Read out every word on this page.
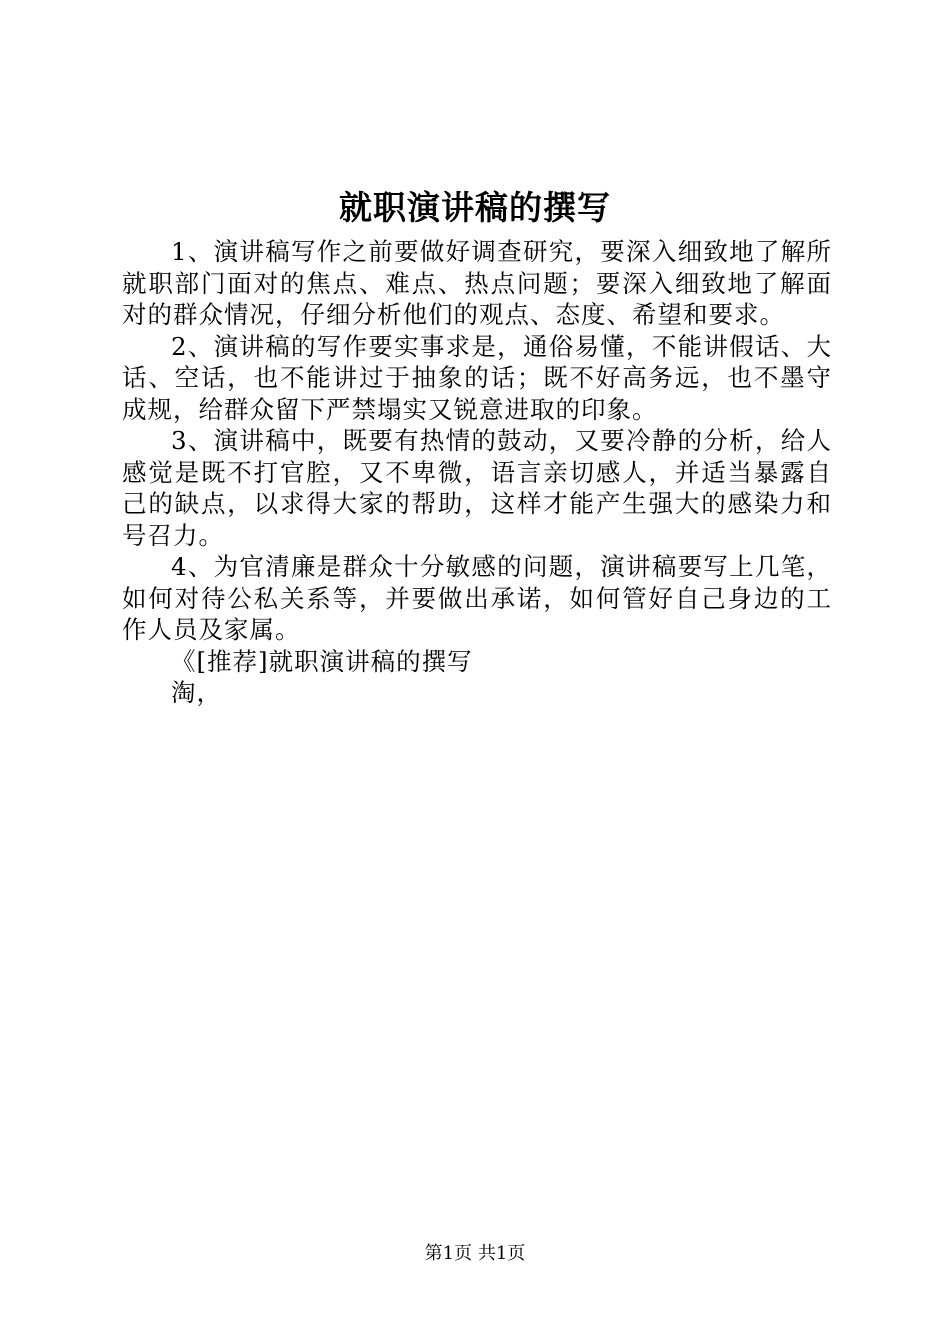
就职演讲稿的撰写

1、演讲稿写作之前要做好调查研究，要深入细致地了解所就职部门面对的焦点、难点、热点问题；要深入细致地了解面对的群众情况，仔细分析他们的观点、态度、希望和要求。

2、演讲稿的写作要实事求是，通俗易懂，不能讲假话、大话、空话，也不能讲过于抽象的话；既不好高务远，也不墨守成规，给群众留下严禁塌实又锐意进取的印象。

3、演讲稿中，既要有热情的鼓动，又要冷静的分析，给人感觉是既不打官腔，又不卑微，语言亲切感人，并适当暴露自己的缺点，以求得大家的帮助，这样才能产生强大的感染力和号召力。

4、为官清廉是群众十分敏感的问题，演讲稿要写上几笔，如何对待公私关系等，并要做出承诺，如何管好自己身边的工作人员及家属。

《[推荐]就职演讲稿的撰写

淘，

第1页 共1页
